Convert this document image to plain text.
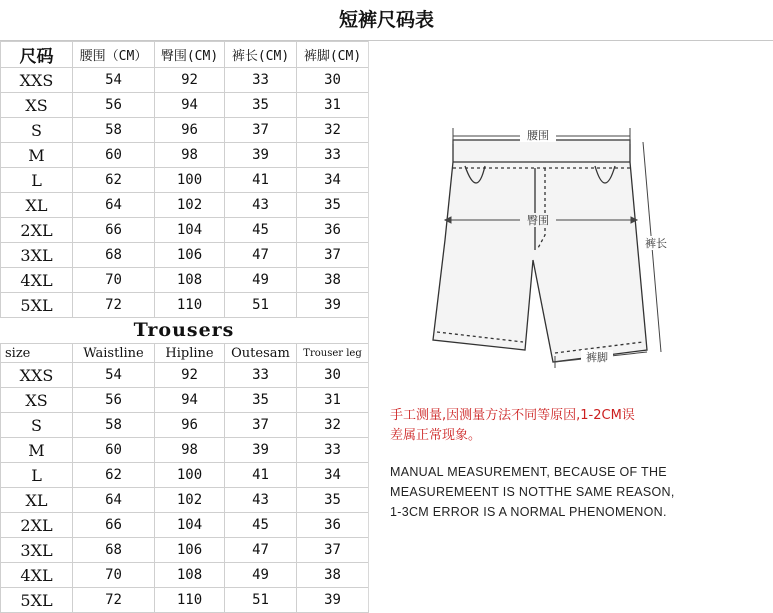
短裤尺码表
尺码	腰围（CM）	臀围(CM)	裤长(CM)	裤脚(CM)
XXS	54	92	33	30
XS	56	94	35	31
S	58	96	37	32
M	60	98	39	33
L	62	100	41	34
XL	64	102	43	35
2XL	66	104	45	36
3XL	68	106	47	37
4XL	70	108	49	38
5XL	72	110	51	39
Trousers
size	Waistline	Hipline	Outesam	Trouser leg
XXS	54	92	33	30
XS	56	94	35	31
S	58	96	37	32
M	60	98	39	33
L	62	100	41	34
XL	64	102	43	35
2XL	66	104	45	36
3XL	68	106	47	37
4XL	70	108	49	38
5XL	72	110	51	39
腰围
臀围
裤长
裤脚
手工测量,因测量方法不同等原因,1-2CM误
差属正常现象。
MANUAL MEASUREMENT, BECAUSE OF THE
MEASUREMEENT IS NOTTHE SAME REASON,
1-3CM ERROR IS A NORMAL PHENOMENON.
